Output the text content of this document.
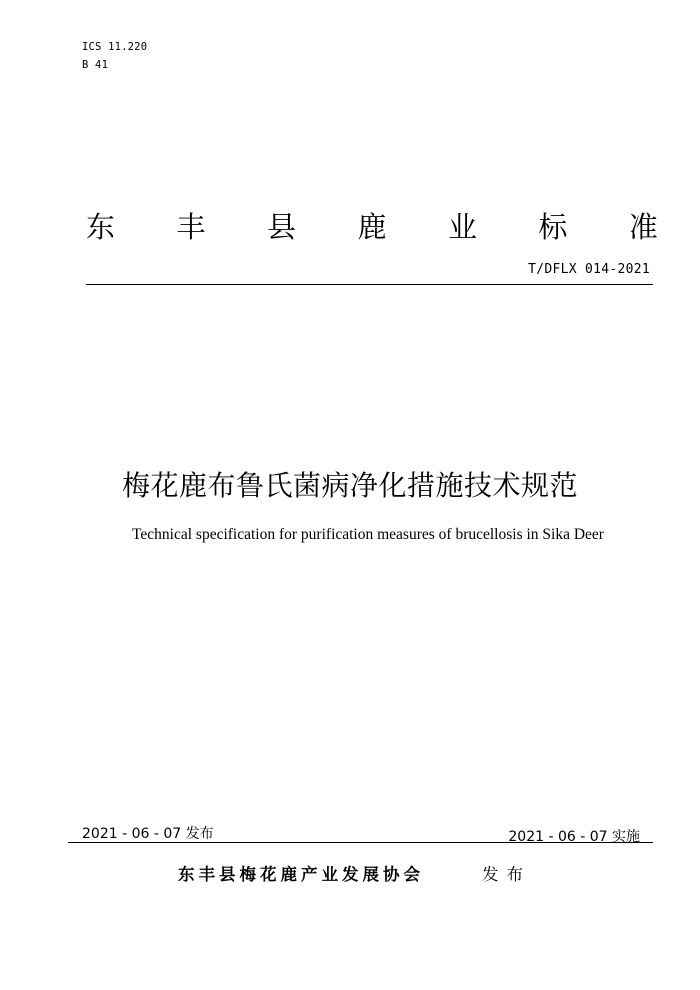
ICS 11.220
B 41
东 丰 县 鹿 业 标 准
T/DFLX 014-2021
梅花鹿布鲁氏菌病净化措施技术规范
Technical specification for purification measures of brucellosis in Sika Deer
2021 - 06 - 07 发布	2021 - 06 - 07 实施
东丰县梅花鹿产业发展协会	发布
